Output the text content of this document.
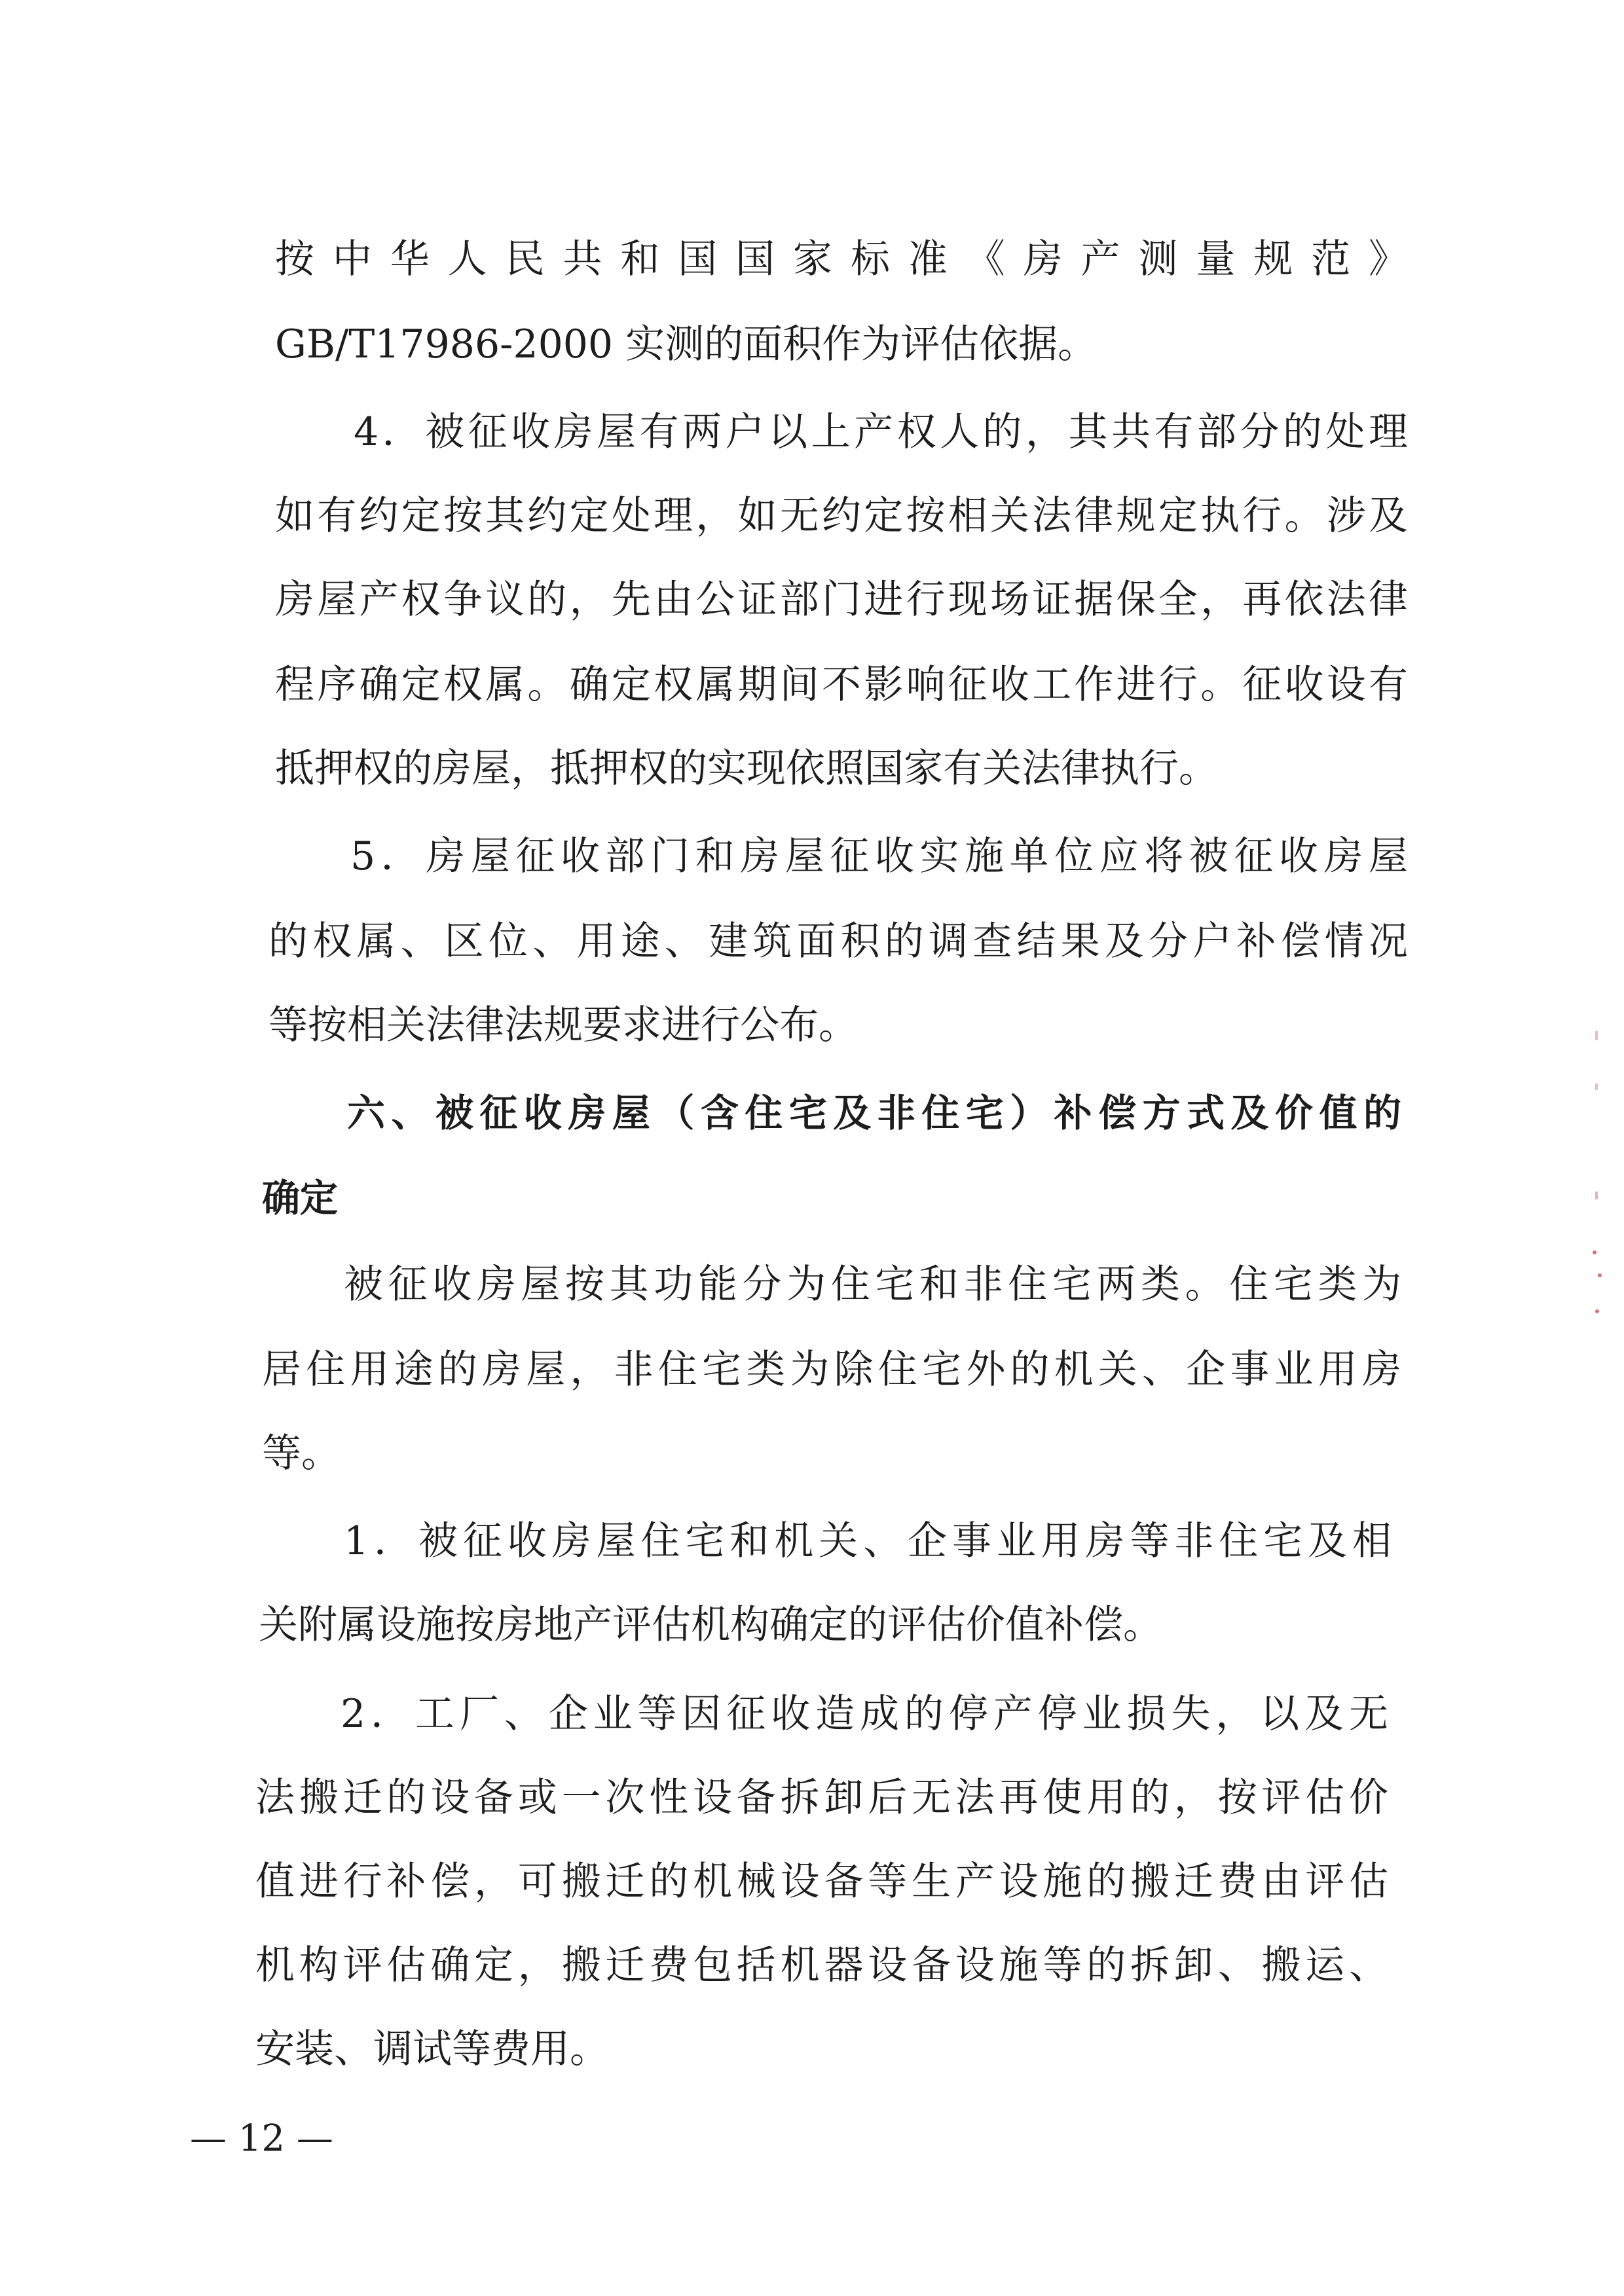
按中华人民共和国国家标准《房产测量规范》
GB/T17986-2000 实测的面积作为评估依据。
4．被征收房屋有两户以上产权人的，其共有部分的处理
如有约定按其约定处理，如无约定按相关法律规定执行。涉及
房屋产权争议的，先由公证部门进行现场证据保全，再依法律
程序确定权属。确定权属期间不影响征收工作进行。征收设有
抵押权的房屋，抵押权的实现依照国家有关法律执行。
5．房屋征收部门和房屋征收实施单位应将被征收房屋
的权属、区位、用途、建筑面积的调查结果及分户补偿情况
等按相关法律法规要求进行公布。
六、被征收房屋（含住宅及非住宅）补偿方式及价值的
确定
被征收房屋按其功能分为住宅和非住宅两类。住宅类为
居住用途的房屋，非住宅类为除住宅外的机关、企事业用房
等。
1．被征收房屋住宅和机关、企事业用房等非住宅及相
关附属设施按房地产评估机构确定的评估价值补偿。
2．工厂、企业等因征收造成的停产停业损失，以及无
法搬迁的设备或一次性设备拆卸后无法再使用的，按评估价
值进行补偿，可搬迁的机械设备等生产设施的搬迁费由评估
机构评估确定，搬迁费包括机器设备设施等的拆卸、搬运、
安装、调试等费用。
— 12 —
